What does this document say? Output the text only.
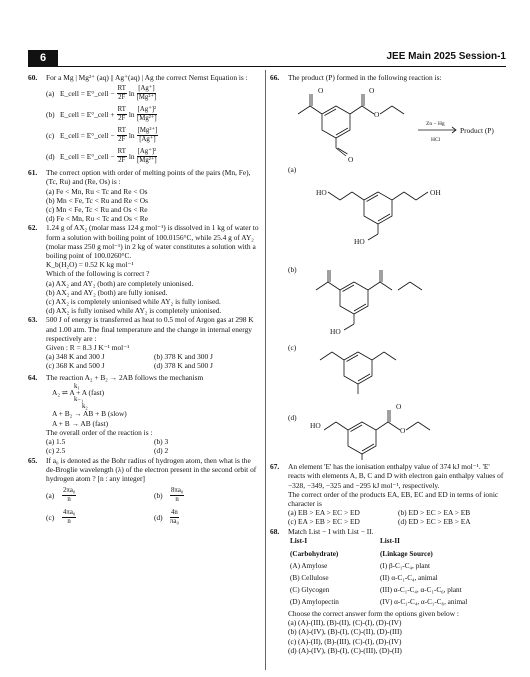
6	JEE Main 2025 Session-1
60. For a Mg | Mg²⁺ (aq) || Ag⁺(aq) | Ag the correct Nernst Equation is :
(a) E_cell = E°_cell − $\frac{RT}{2F}$ $\ln \frac{[Ag^+]}{\text{[Mg²⁺]}}$
(b) E_cell = E°_cell + $\frac{RT}{2F}$ $\ln \frac{\text{[Ag⁺]²}}{\text{[Mg²⁺]}}$
(c) E_cell = E°_cell − $\frac{RT}{2F}$ $\ln \frac{\text{[Mg²⁺]}}{[Ag^+]}$
(d) E_cell = E°_cell − $\frac{RT}{2F}$ $\ln \frac{\text{[Ag⁺]²}}{\text{[Mg²⁺]}}$
61. The correct option with order of melting points of the pairs (Mn, Fe), (Tc, Ru) and (Re, Os) is :
(a) Fe < Mn, Ru < Tc and Re < Os
(b) Mn < Fe, Tc < Ru and Re < Os
(c) Mn < Fe, Tc < Ru and Os < Re
(d) Fe < Mn, Ru < Tc and Os < Re
62. 1.24 g of AX₂ (molar mass 124 g mol⁻¹) is dissolved in 1 kg of water to form a solution with boiling point of 100.0156°C, while 25.4 g of AY₂ (molar mass 250 g mol⁻¹) in 2 kg of water constitutes a solution with a boiling point of 100.0260°C.
K_b(H₂O) = 0.52 K kg mol⁻¹
Which of the following is correct ?
(a) AX₂ and AY₂ (both) are completely unionised.
(b) AX₂ and AY₂ (both) are fully ionised.
(c) AX₂ is completely unionised while AY₂ is fully ionised.
(d) AX₂ is fully ionised while AY₂ is completely unionised.
63. 500 J of energy is transferred as heat to 0.5 mol of Argon gas at 298 K and 1.00 atm. The final temperature and the change in internal energy respectively are :
Given : R = 8.3 J K⁻¹ mol⁻¹
(a) 348 K and 300 J	(b) 378 K and 300 J
(c) 368 K and 500 J	(d) 378 K and 500 J
64. The reaction A₂ + B₂ → 2AB follows the mechanism
k₁
A₂ ⇌ A + A (fast)
k₋₁
k₂
A + B₂ → AB + B (slow)
A + B → AB (fast)
The overall order of the reaction is :
(a) 1.5	(b) 3
(c) 2.5	(d) 2
65. If a₀ is denoted as the Bohr radius of hydrogen atom, then what is the de-Broglie wavelength (λ) of the electron present in the second orbit of hydrogen atom ? [n : any integer]
(a)	$\frac{\text{2πa₀}}{n}$	(b)	$\frac{\text{8πa₀}}{n}$
(c)	$\frac{\text{4πa₀}}{n}$	(d)	$\frac{4n}{\text{πa₀}}$
66. The product (P) formed in the following reaction is:
O	O
O
O
Zn − Hg
HCl
Product (P)
(a)
HO	OH
HO
(b)
HO
(c)
(d)
HO
O
O
67. An element 'E' has the ionisation enthalpy value of 374 kJ mol⁻¹. 'E' reacts with elements A, B, C and D with electron gain enthalpy values of −328, −349, −325 and −295 kJ mol⁻¹, respectively.
The correct order of the products EA, EB, EC and ED in terms of ionic character is
(a) EB > EA > EC > ED	(b) ED > EC > EA > EB
(c) EA > EB > EC > ED	(d) ED > EC > EB > EA
68. Match List − I with List − II.
List-I	List-II
(Carbohydrate)	(Linkage Source)
(A) Amylose	(I) β-C₁-C₄, plant
(B) Cellulose	(II) α-C₁-C₄, animal
(C) Glycogen	(III) α-C₁-C₄, α-C₁-C₆, plant
(D) Amylopectin	(IV) α-C₁-C₄, α-C₁-C₆, animal
Choose the correct answer form the options given below :
(a) (A)-(III), (B)-(II), (C)-(I), (D)-(IV)
(b) (A)-(IV), (B)-(I), (C)-(II), (D)-(III)
(c) (A)-(II), (B)-(III), (C)-(I), (D)-(IV)
(d) (A)-(IV), (B)-(I), (C)-(III), (D)-(II)
